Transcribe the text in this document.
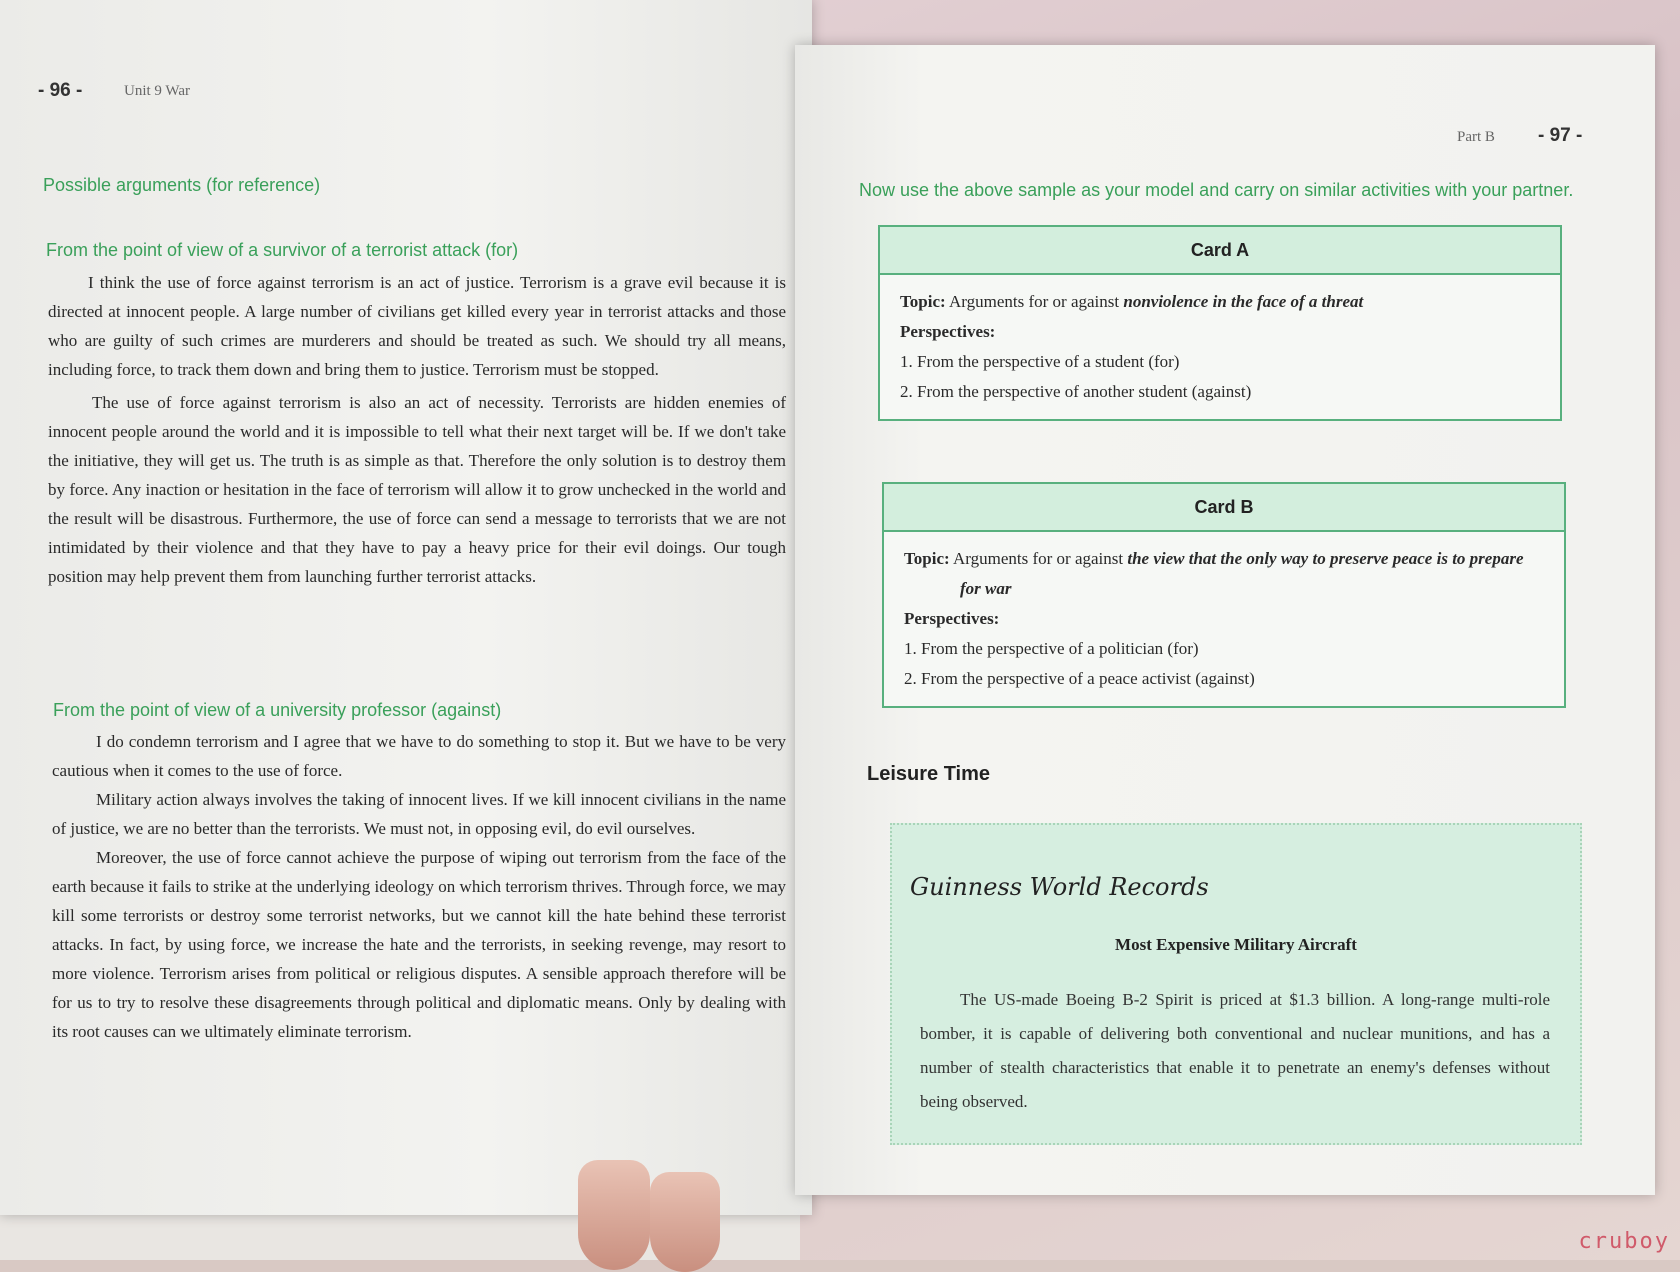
- 96 -	Unit 9 War
Possible arguments (for reference)
From the point of view of a survivor of a terrorist attack (for)

I think the use of force against terrorism is an act of justice. Terrorism is a grave evil because it is directed at innocent people. A large number of civilians get killed every year in terrorist attacks and those who are guilty of such crimes are murderers and should be treated as such. We should try all means, including force, to track them down and bring them to justice. Terrorism must be stopped.

The use of force against terrorism is also an act of necessity. Terrorists are hidden enemies of innocent people around the world and it is impossible to tell what their next target will be. If we don't take the initiative, they will get us. The truth is as simple as that. Therefore the only solution is to destroy them by force. Any inaction or hesitation in the face of terrorism will allow it to grow unchecked in the world and the result will be disastrous. Furthermore, the use of force can send a message to terrorists that we are not intimidated by their violence and that they have to pay a heavy price for their evil doings. Our tough position may help prevent them from launching further terrorist attacks.

From the point of view of a university professor (against)

I do condemn terrorism and I agree that we have to do something to stop it. But we have to be very cautious when it comes to the use of force.

Military action always involves the taking of innocent lives. If we kill innocent civilians in the name of justice, we are no better than the terrorists. We must not, in opposing evil, do evil ourselves.

Moreover, the use of force cannot achieve the purpose of wiping out terrorism from the face of the earth because it fails to strike at the underlying ideology on which terrorism thrives. Through force, we may kill some terrorists or destroy some terrorist networks, but we cannot kill the hate behind these terrorist attacks. In fact, by using force, we increase the hate and the terrorists, in seeking revenge, may resort to more violence. Terrorism arises from political or religious disputes. A sensible approach therefore will be for us to try to resolve these disagreements through political and diplomatic means. Only by dealing with its root causes can we ultimately eliminate terrorism.

Part B - 97 -
Now use the above sample as your model and carry on similar activities with your partner.
Card A
Topic: Arguments for or against nonviolence in the face of a threat
Perspectives:
1. From the perspective of a student (for)
2. From the perspective of another student (against)
Card B
Topic: Arguments for or against the view that the only way to preserve peace is to prepare
for war
Perspectives:
1. From the perspective of a politician (for)
2. From the perspective of a peace activist (against)
Leisure Time
Guinness World Records
Most Expensive Military Aircraft
The US-made Boeing B-2 Spirit is priced at $1.3 billion. A long-range multi-role bomber, it is capable of delivering both conventional and nuclear munitions, and has a number of stealth characteristics that enable it to penetrate an enemy's defenses without being observed.
cruboy
